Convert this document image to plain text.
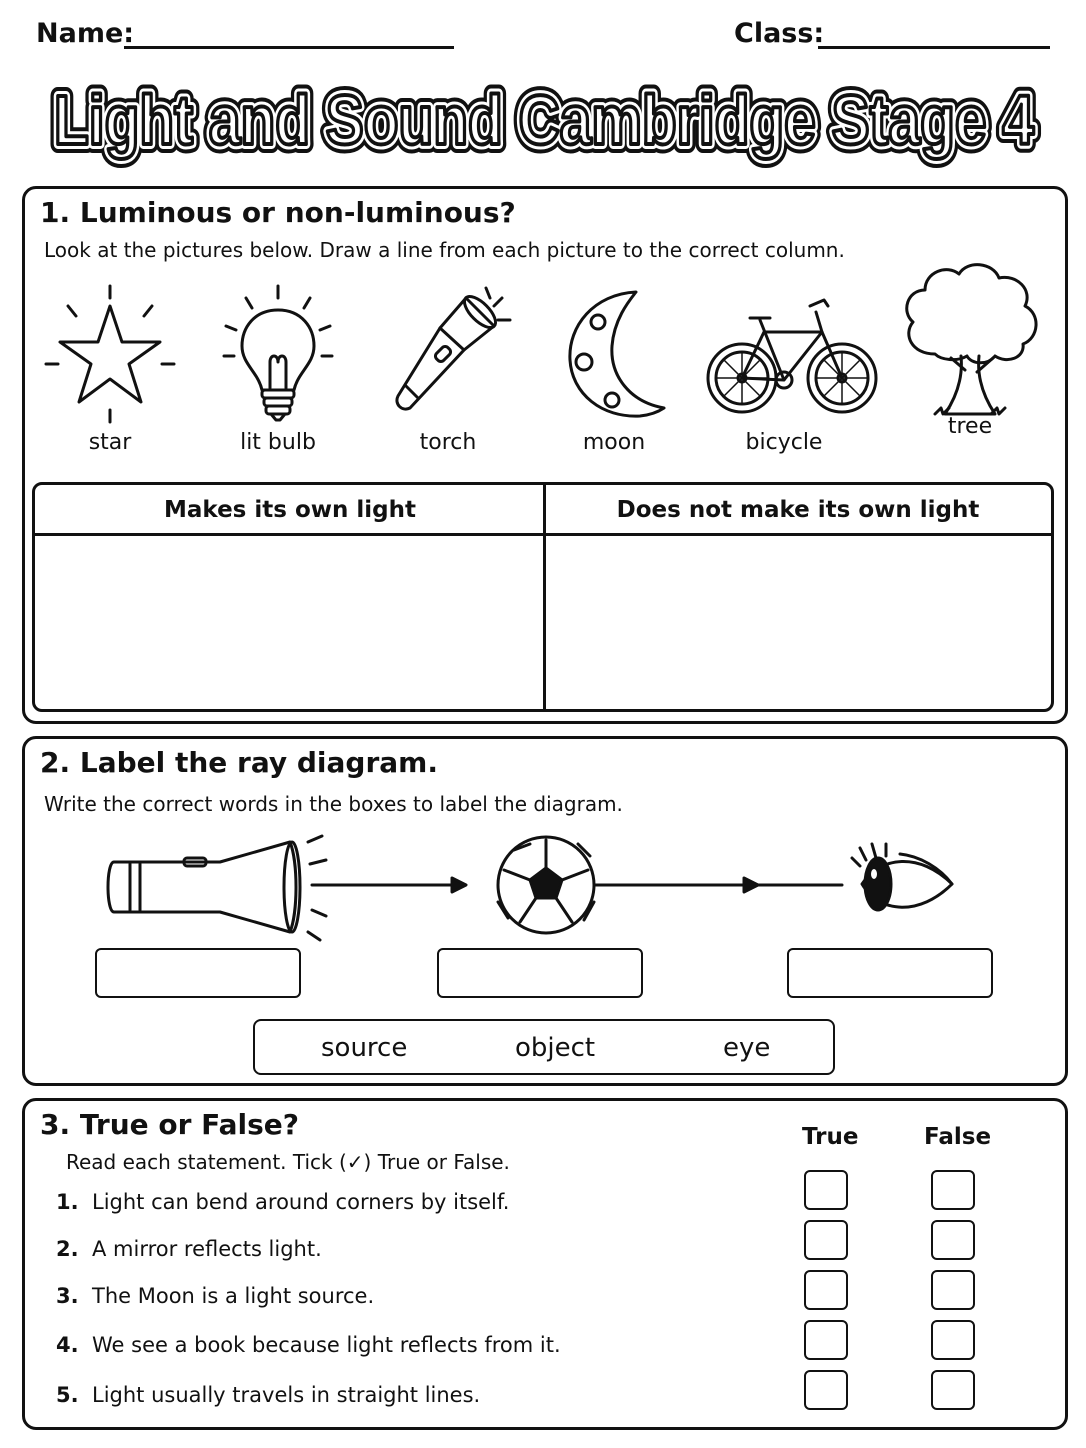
Name:	Class:
Light and Sound Cambridge Stage 4
Light and Sound Cambridge Stage 4
Light and Sound Cambridge Stage 4
1. Luminous or non-luminous?
Look at the pictures below. Draw a line from each picture to the correct column.
star	lit bulb	torch	moon	bicycle
tree
Makes its own light	Does not make its own light
2. Label the ray diagram.
Write the correct words in the boxes to label the diagram.
source	object	eye
3. True or False?
Read each statement. Tick (✓) True or False.
True	False
1. Light can bend around corners by itself.
2. A mirror reflects light.
3. The Moon is a light source.
4. We see a book because light reflects from it.
5. Light usually travels in straight lines.
